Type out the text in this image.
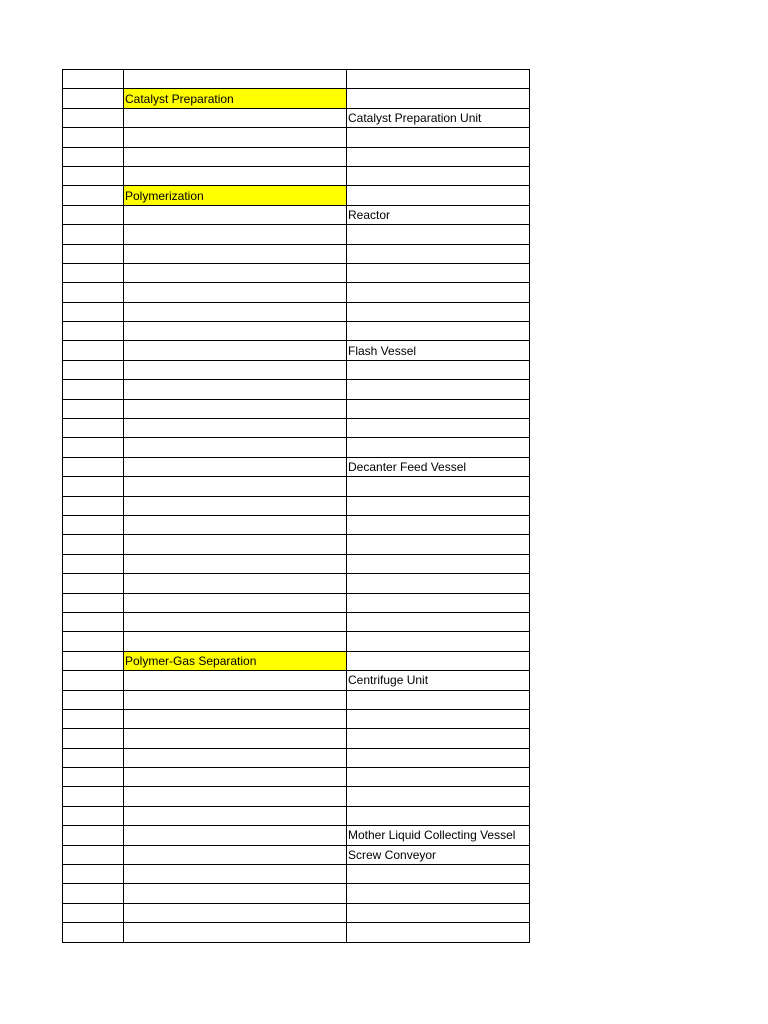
	Catalyst Preparation	
		Catalyst Preparation Unit

	Polymerization	
		Reactor

		Flash Vessel

		Decanter Feed Vessel

	Polymer-Gas Separation	
		Centrifuge Unit

		Mother Liquid Collecting Vessel
		Screw Conveyor
